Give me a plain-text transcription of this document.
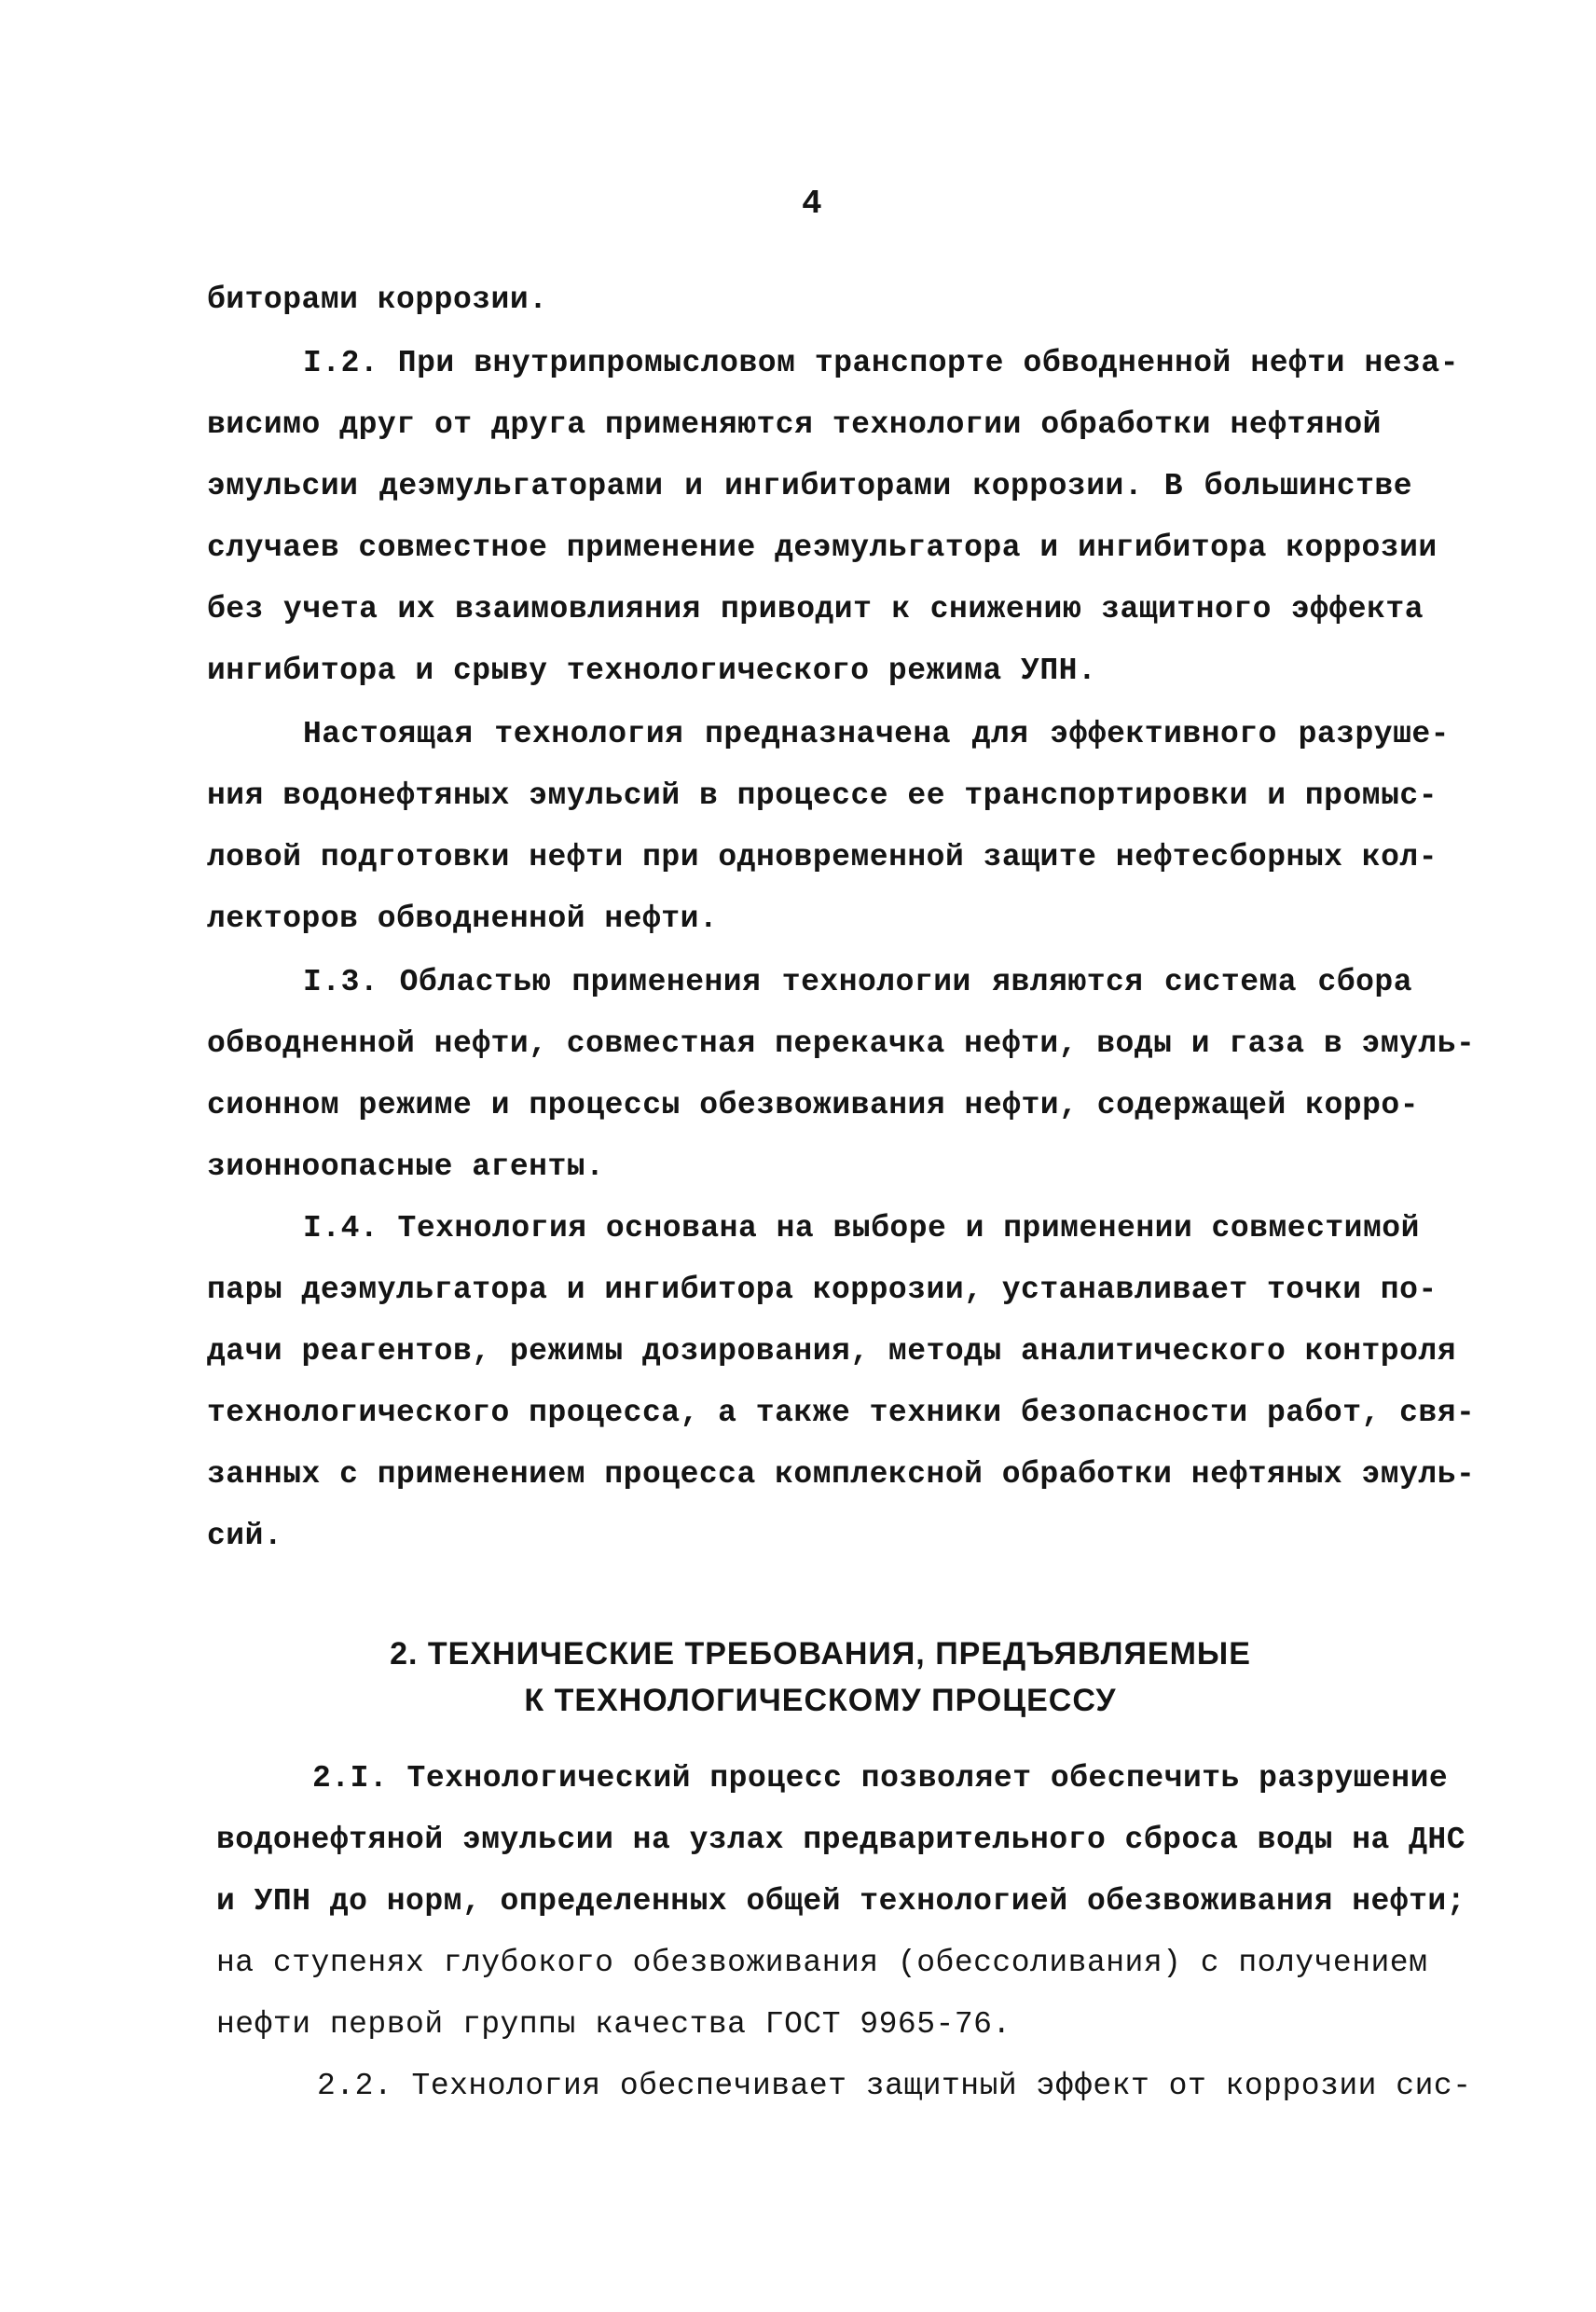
4
биторами коррозии.
I.2. При внутрипромысловом транспорте обводненной нефти неза-
висимо друг от друга применяются технологии обработки нефтяной
эмульсии деэмульгаторами и ингибиторами коррозии. В большинстве
случаев совместное применение деэмульгатора и ингибитора коррозии
без учета их взаимовлияния приводит к снижению защитного эффекта
ингибитора и срыву технологического режима УПН.
Настоящая технология предназначена для эффективного разруше-
ния водонефтяных эмульсий в процессе ее транспортировки и промыс-
ловой подготовки нефти при одновременной защите нефтесборных кол-
лекторов обводненной нефти.
I.3. Областью применения технологии являются система сбора
обводненной нефти, совместная перекачка нефти, воды и газа в эмуль-
сионном режиме и процессы обезвоживания нефти, содержащей корро-
зионноопасные агенты.
I.4. Технология основана на выборе и применении совместимой
пары деэмульгатора и ингибитора коррозии, устанавливает точки по-
дачи реагентов, режимы дозирования, методы аналитического контроля
технологического процесса, а также техники безопасности работ, свя-
занных с применением процесса комплексной обработки нефтяных эмуль-
сий.
2. ТЕХНИЧЕСКИЕ ТРЕБОВАНИЯ, ПРЕДЪЯВЛЯЕМЫЕ
К ТЕХНОЛОГИЧЕСКОМУ ПРОЦЕССУ
2.I. Технологический процесс позволяет обеспечить разрушение
водонефтяной эмульсии на узлах предварительного сброса воды на ДНС
и УПН до норм, определенных общей технологией обезвоживания нефти;
на ступенях глубокого обезвоживания (обессоливания) с получением
нефти первой группы качества ГОСТ 9965-76.
2.2. Технология обеспечивает защитный эффект от коррозии сис-
